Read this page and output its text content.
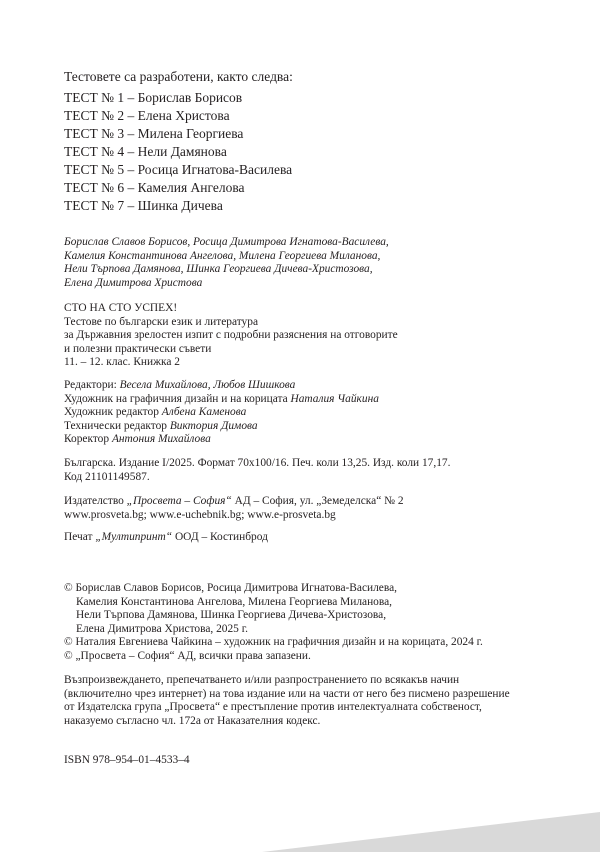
Тестовете са разработени, както следва:
ТЕСТ № 1 – Борислав Борисов
ТЕСТ № 2 – Елена Христова
ТЕСТ № 3 – Милена Георгиева
ТЕСТ № 4 – Нели Дамянова
ТЕСТ № 5 – Росица Игнатова-Василева
ТЕСТ № 6 – Камелия Ангелова
ТЕСТ № 7 – Шинка Дичева
Борислав Славов Борисов, Росица Димитрова Игнатова-Василева,
Камелия Константинова Ангелова, Милена Георгиева Миланова,
Нели Търпова Дамянова, Шинка Георгиева Дичева-Христозова,
Елена Димитрова Христова
СТО НА СТО УСПЕХ!
Тестове по български език и литература
за Държавния зрелостен изпит с подробни разяснения на отговорите
и полезни практически съвети
11. – 12. клас. Книжка 2
Редактори: Весела Михайлова, Любов Шишкова
Художник на графичния дизайн и на корицата Наталия Чайкина
Художник редактор Албена Каменова
Технически редактор Виктория Димова
Коректор Антония Михайлова
Българска. Издание I/2025. Формат 70x100/16. Печ. коли 13,25. Изд. коли 17,17.
Код 21101149587.
Издателство „Просвета – София“ АД – София, ул. „Земеделска“ № 2
www.prosveta.bg; www.e-uchebnik.bg; www.e-prosveta.bg
Печат „Мултипринт“ ООД – Костинброд
© Борислав Славов Борисов, Росица Димитрова Игнатова-Василева,
Камелия Константинова Ангелова, Милена Георгиева Миланова,
Нели Търпова Дамянова, Шинка Георгиева Дичева-Христозова,
Елена Димитрова Христова, 2025 г.
© Наталия Евгениева Чайкина – художник на графичния дизайн и на корицата, 2024 г.
© „Просвета – София“ АД, всички права запазени.
Възпроизвеждането, препечатването и/или разпространението по всякакъв начин
(включително чрез интернет) на това издание или на части от него без писмено разрешение
от Издателска група „Просвета“ е престъпление против интелектуалната собственост,
наказуемо съгласно чл. 172а от Наказателния кодекс.
ISBN 978–954–01–4533–4
